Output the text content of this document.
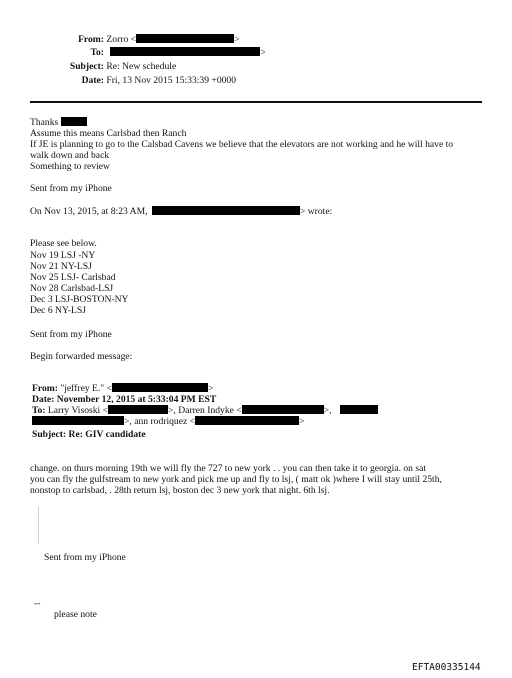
From: Zorro <	>
To:	>
Subject: Re: New schedule
Date: Fri, 13 Nov 2015 15:33:39 +0000
Thanks
Assume this means Carlsbad then Ranch
If JE is planning to go to the Calsbad Cavens we believe that the elevators are not working and he will have to
walk down and back
Something to review
Sent from my iPhone
On Nov 13, 2015, at 8:23 AM,	> wrote:
Please see below.
Nov 19 LSJ -NY
Nov 21 NY-LSJ
Nov 25 LSJ- Carlsbad
Nov 28 Carlsbad-LSJ
Dec 3 LSJ-BOSTON-NY
Dec 6 NY-LSJ
Sent from my iPhone
Begin forwarded message:
From: "jeffrey E." <	>
Date: November 12, 2015 at 5:33:04 PM EST
To: Larry Visoski <	>, Darren Indyke <	>,
>, ann rodriquez <	>
Subject: Re: GIV candidate
change. on thurs morning 19th we will fly the 727 to new york . . you can then take it to georgia. on sat
you can fly the gulfstream to new york and pick me up and fly to lsj, ( matt ok )where I will stay until 25th,
nonstop to carlsbad, . 28th return lsj, boston dec 3 new york that night. 6th lsj.
Sent from my iPhone
--
please note
EFTA00335144
